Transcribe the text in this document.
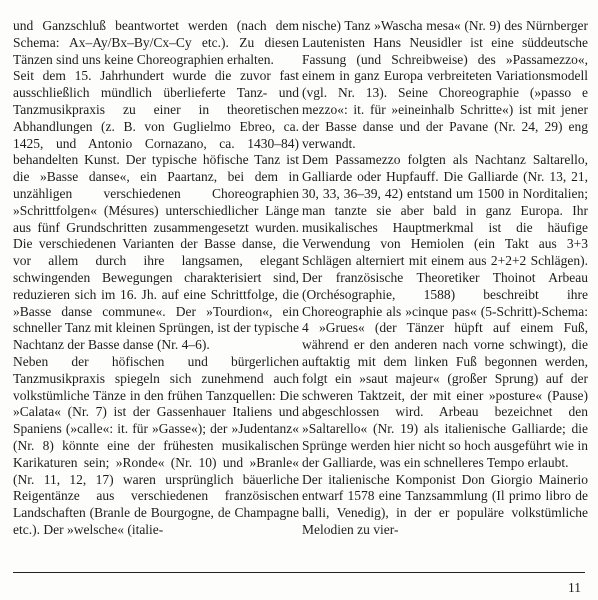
und Ganzschluß beantwortet werden (nach dem Schema: Ax–Ay/Bx–By/Cx–Cy etc.). Zu diesen Tänzen sind uns keine Choreographien erhalten.

Seit dem 15. Jahrhundert wurde die zuvor fast ausschließlich mündlich überlieferte Tanz- und Tanzmusikpraxis zu einer in theoretischen Abhandlungen (z. B. von Guglielmo Ebreo, ca. 1425, und Antonio Cornazano, ca. 1430–84) behandelten Kunst. Der typische höfische Tanz ist die »Basse danse«, ein Paartanz, bei dem in unzähligen verschiedenen Choreographien »Schrittfolgen« (Mésures) unterschiedlicher Länge aus fünf Grundschritten zusammengesetzt wurden. Die verschiedenen Varianten der Basse danse, die vor allem durch ihre langsamen, elegant schwingenden Bewegungen charakterisiert sind, reduzieren sich im 16. Jh. auf eine Schrittfolge, die »Basse danse commune«. Der »Tourdion«, ein schneller Tanz mit kleinen Sprüngen, ist der typische Nachtanz der Basse danse (Nr. 4–6).

Neben der höfischen und bürgerlichen Tanzmusikpraxis spiegeln sich zunehmend auch volkstümliche Tänze in den frühen Tanzquellen: Die »Calata« (Nr. 7) ist der Gassenhauer Italiens und Spaniens (»calle«: it. für »Gasse«); der »Judentanz« (Nr. 8) könnte eine der frühesten musikalischen Karikaturen sein; »Ronde« (Nr. 10) und »Branle« (Nr. 11, 12, 17) waren ursprünglich bäuerliche Reigentänze aus verschiedenen französischen Landschaften (Branle de Bourgogne, de Champagne etc.). Der »welsche« (italie-

nische) Tanz »Wascha mesa« (Nr. 9) des Nürnberger Lautenisten Hans Neusidler ist eine süddeutsche Fassung (und Schreibweise) des »Passamezzo«, einem in ganz Europa verbreiteten Variationsmodell (vgl. Nr. 13). Seine Choreographie (»passo e mezzo«: it. für »eineinhalb Schritte«) ist mit jener der Basse danse und der Pavane (Nr. 24, 29) eng verwandt.

Dem Passamezzo folgten als Nachtanz Saltarello, Galliarde oder Hupfauff. Die Galliarde (Nr. 13, 21, 30, 33, 36–39, 42) entstand um 1500 in Norditalien; man tanzte sie aber bald in ganz Europa. Ihr musikalisches Hauptmerkmal ist die häufige Verwendung von Hemiolen (ein Takt aus 3+3 Schlägen alterniert mit einem aus 2+2+2 Schlägen). Der französische Theoretiker Thoinot Arbeau (Orchésographie, 1588) beschreibt ihre Choreographie als »cinque pas« (5-Schritt)-Schema: 4 »Grues« (der Tänzer hüpft auf einem Fuß, während er den anderen nach vorne schwingt), die auftaktig mit dem linken Fuß begonnen werden, folgt ein »saut majeur« (großer Sprung) auf der schweren Taktzeit, der mit einer »posture« (Pause) abgeschlossen wird. Arbeau bezeichnet den »Saltarello« (Nr. 19) als italienische Galliarde; die Sprünge werden hier nicht so hoch ausgeführt wie in der Galliarde, was ein schnelleres Tempo erlaubt.

Der italienische Komponist Don Giorgio Mainerio entwarf 1578 eine Tanzsammlung (Il primo libro de balli, Venedig), in der er populäre volkstümliche Melodien zu vier-

11
